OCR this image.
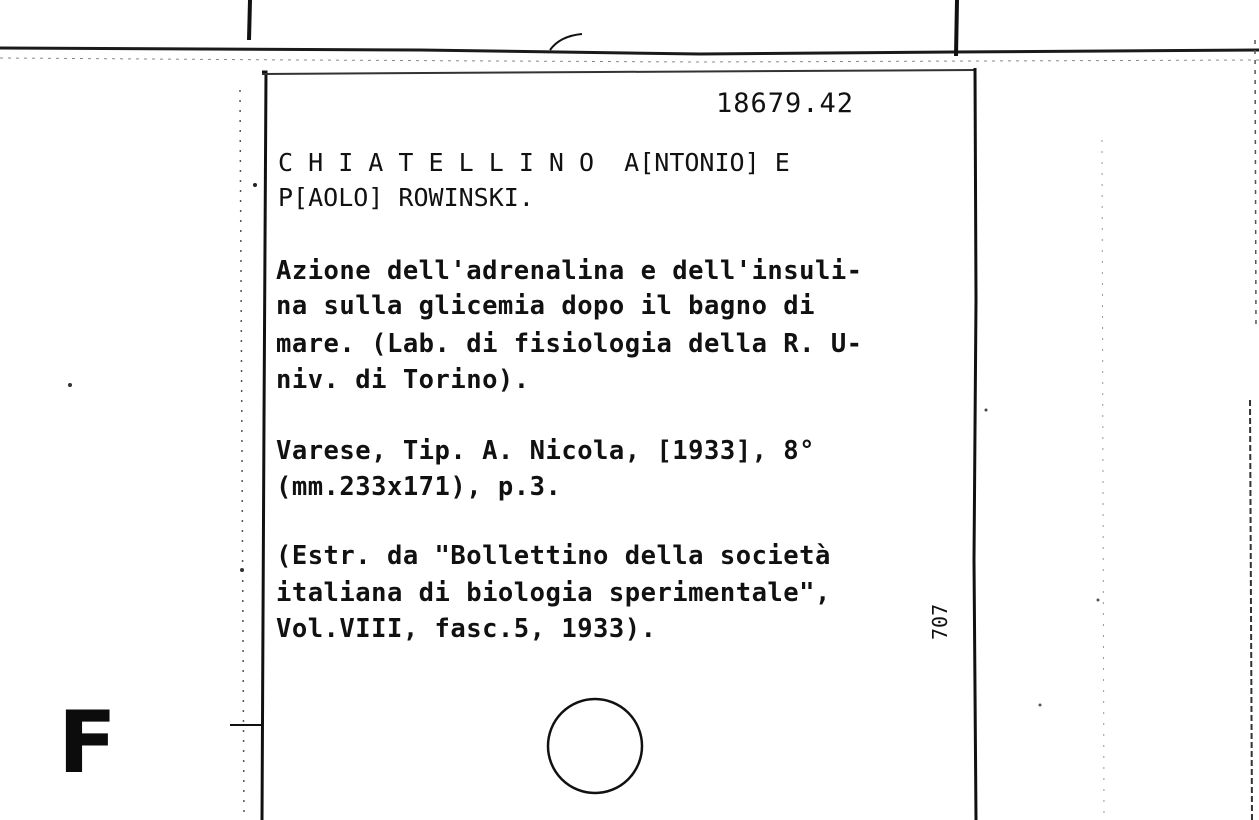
18679.42
C H I A T E L L I N O  A[NTONIO] E
P[AOLO] ROWINSKI.
Azione dell'adrenalina e dell'insuli-
na sulla glicemia dopo il bagno di
mare. (Lab. di fisiologia della R. U-
niv. di Torino).
Varese, Tip. A. Nicola, [1933], 8°
(mm.233x171), p.3.
(Estr. da "Bollettino della società
italiana di biologia sperimentale",
Vol.VIII, fasc.5, 1933).	707
F
